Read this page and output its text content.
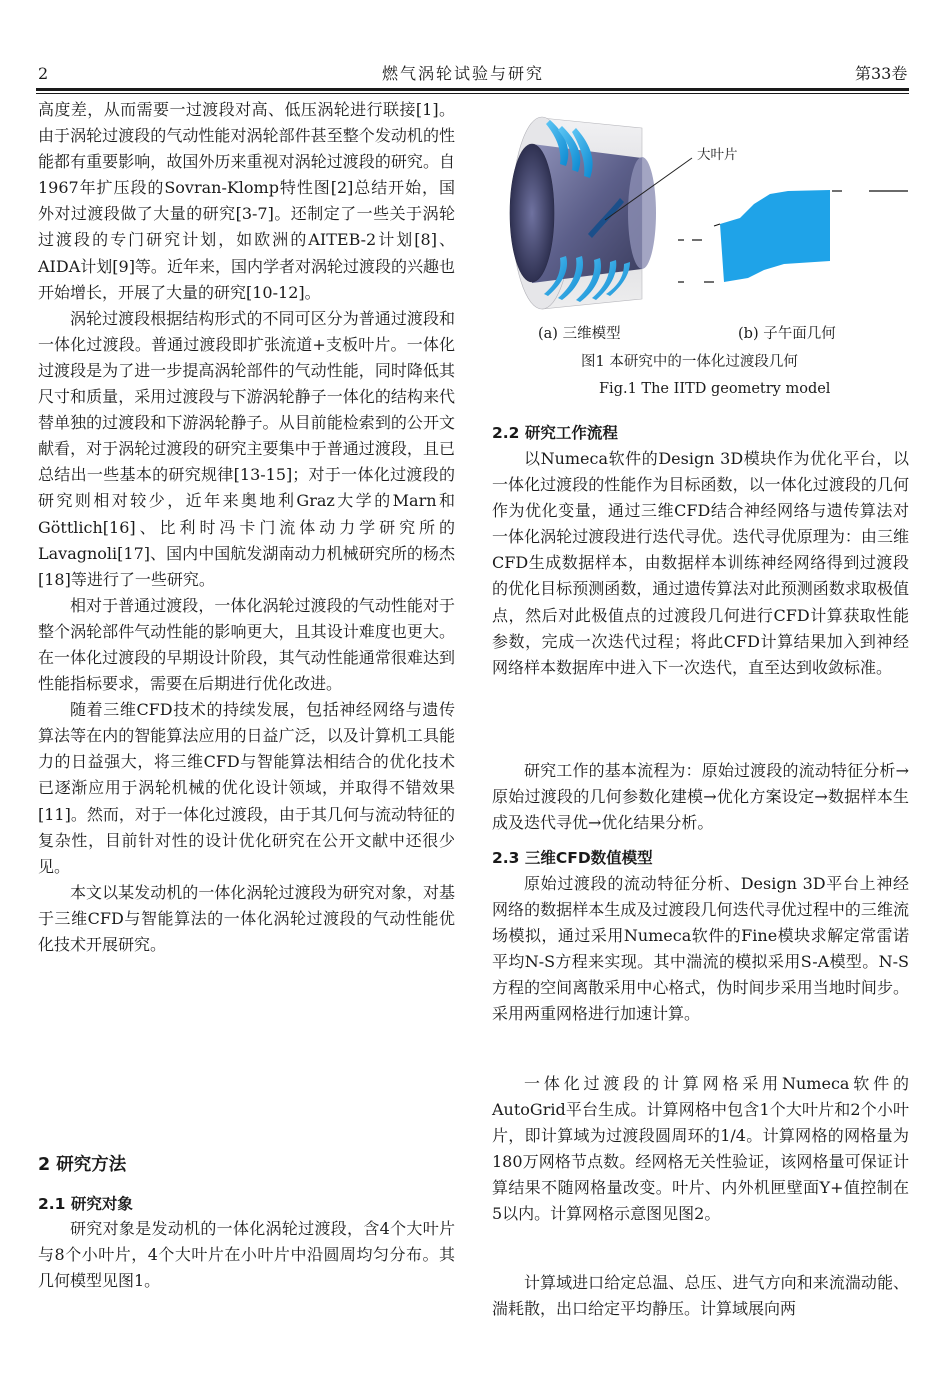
2	燃气涡轮试验与研究	第33卷

高度差，从而需要一过渡段对高、低压涡轮进行联接[1]。由于涡轮过渡段的气动性能对涡轮部件甚至整个发动机的性能都有重要影响，故国外历来重视对涡轮过渡段的研究。自1967年扩压段的Sovran-Klomp特性图[2]总结开始，国外对过渡段做了大量的研究[3-7]。还制定了一些关于涡轮过渡段的专门研究计划，如欧洲的AITEB-2计划[8]、AIDA计划[9]等。近年来，国内学者对涡轮过渡段的兴趣也开始增长，开展了大量的研究[10-12]。

涡轮过渡段根据结构形式的不同可区分为普通过渡段和一体化过渡段。普通过渡段即扩张流道+支板叶片。一体化过渡段是为了进一步提高涡轮部件的气动性能，同时降低其尺寸和质量，采用过渡段与下游涡轮静子一体化的结构来代替单独的过渡段和下游涡轮静子。从目前能检索到的公开文献看，对于涡轮过渡段的研究主要集中于普通过渡段，且已总结出一些基本的研究规律[13-15]；对于一体化过渡段的研究则相对较少，近年来奥地利Graz大学的Marn和Göttlich[16]、比利时冯卡门流体动力学研究所的Lavagnoli[17]、国内中国航发湖南动力机械研究所的杨杰[18]等进行了一些研究。

相对于普通过渡段，一体化涡轮过渡段的气动性能对于整个涡轮部件气动性能的影响更大，且其设计难度也更大。在一体化过渡段的早期设计阶段，其气动性能通常很难达到性能指标要求，需要在后期进行优化改进。

随着三维CFD技术的持续发展，包括神经网络与遗传算法等在内的智能算法应用的日益广泛，以及计算机工具能力的日益强大，将三维CFD与智能算法相结合的优化技术已逐渐应用于涡轮机械的优化设计领域，并取得不错效果[11]。然而，对于一体化过渡段，由于其几何与流动特征的复杂性，目前针对性的设计优化研究在公开文献中还很少见。

本文以某发动机的一体化涡轮过渡段为研究对象，对基于三维CFD与智能算法的一体化涡轮过渡段的气动性能优化技术开展研究。

2 研究方法
2.1 研究对象

研究对象是发动机的一体化涡轮过渡段，含4个大叶片与8个小叶片，4个大叶片在小叶片中沿圆周均匀分布。其几何模型见图1。

大叶片
(a) 三维模型	(b) 子午面几何
图1 本研究中的一体化过渡段几何
Fig.1 The IITD geometry model
2.2 研究工作流程

以Numeca软件的Design 3D模块作为优化平台，以一体化过渡段的性能作为目标函数，以一体化过渡段的几何作为优化变量，通过三维CFD结合神经网络与遗传算法对一体化涡轮过渡段进行迭代寻优。迭代寻优原理为：由三维CFD生成数据样本，由数据样本训练神经网络得到过渡段的优化目标预测函数，通过遗传算法对此预测函数求取极值点，然后对此极值点的过渡段几何进行CFD计算获取性能参数，完成一次迭代过程；将此CFD计算结果加入到神经网络样本数据库中进入下一次迭代，直至达到收敛标准。

研究工作的基本流程为：原始过渡段的流动特征分析→原始过渡段的几何参数化建模→优化方案设定→数据样本生成及迭代寻优→优化结果分析。

2.3 三维CFD数值模型

原始过渡段的流动特征分析、Design 3D平台上神经网络的数据样本生成及过渡段几何迭代寻优过程中的三维流场模拟，通过采用Numeca软件的Fine模块求解定常雷诺平均N-S方程来实现。其中湍流的模拟采用S-A模型。N-S方程的空间离散采用中心格式，伪时间步采用当地时间步。采用两重网格进行加速计算。

一体化过渡段的计算网格采用Numeca软件的AutoGrid平台生成。计算网格中包含1个大叶片和2个小叶片，即计算域为过渡段圆周环的1/4。计算网格的网格量为180万网格节点数。经网格无关性验证，该网格量可保证计算结果不随网格量改变。叶片、内外机匣壁面Y+值控制在5以内。计算网格示意图见图2。

计算域进口给定总温、总压、进气方向和来流湍动能、湍耗散，出口给定平均静压。计算域展向两
